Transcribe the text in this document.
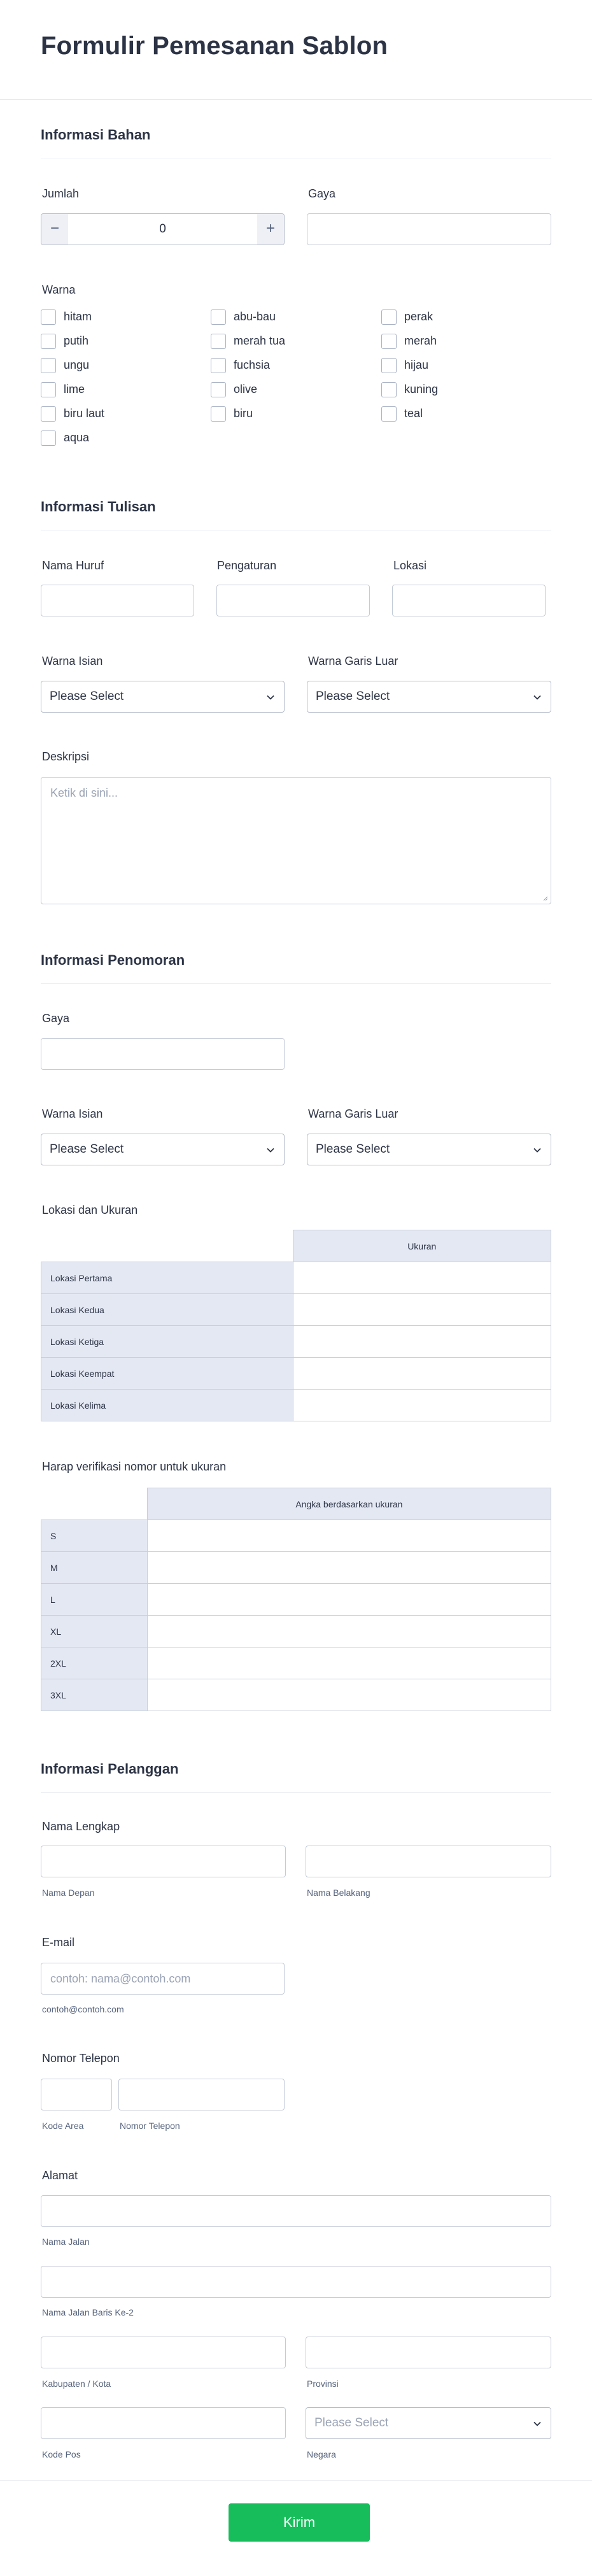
Formulir Pemesanan Sablon
Informasi Bahan
Jumlah
−	0	+
Gaya
Warna
hitam	abu-bau	perak
putih	merah tua	merah
ungu	fuchsia	hijau
lime	olive	kuning
biru laut	biru	teal
aqua
Informasi Tulisan
Nama Huruf	Pengaturan	Lokasi
Warna Isian
Please Select
Warna Garis Luar
Please Select
Deskripsi
Ketik di sini...
Informasi Penomoran
Gaya
Warna Isian
Please Select
Warna Garis Luar
Please Select
Lokasi dan Ukuran
	Ukuran
Lokasi Pertama	
Lokasi Kedua	
Lokasi Ketiga	
Lokasi Keempat	
Lokasi Kelima	
Harap verifikasi nomor untuk ukuran
	Angka berdasarkan ukuran
S	
M	
L	
XL	
2XL	
3XL	
Informasi Pelanggan
Nama Lengkap
Nama Depan	Nama Belakang
E-mail
contoh: nama@contoh.com
contoh@contoh.com
Nomor Telepon
Kode Area	Nomor Telepon
Alamat
Nama Jalan
Nama Jalan Baris Ke-2
Kabupaten / Kota	Provinsi
Kode Pos
Please Select
Negara
Kirim
